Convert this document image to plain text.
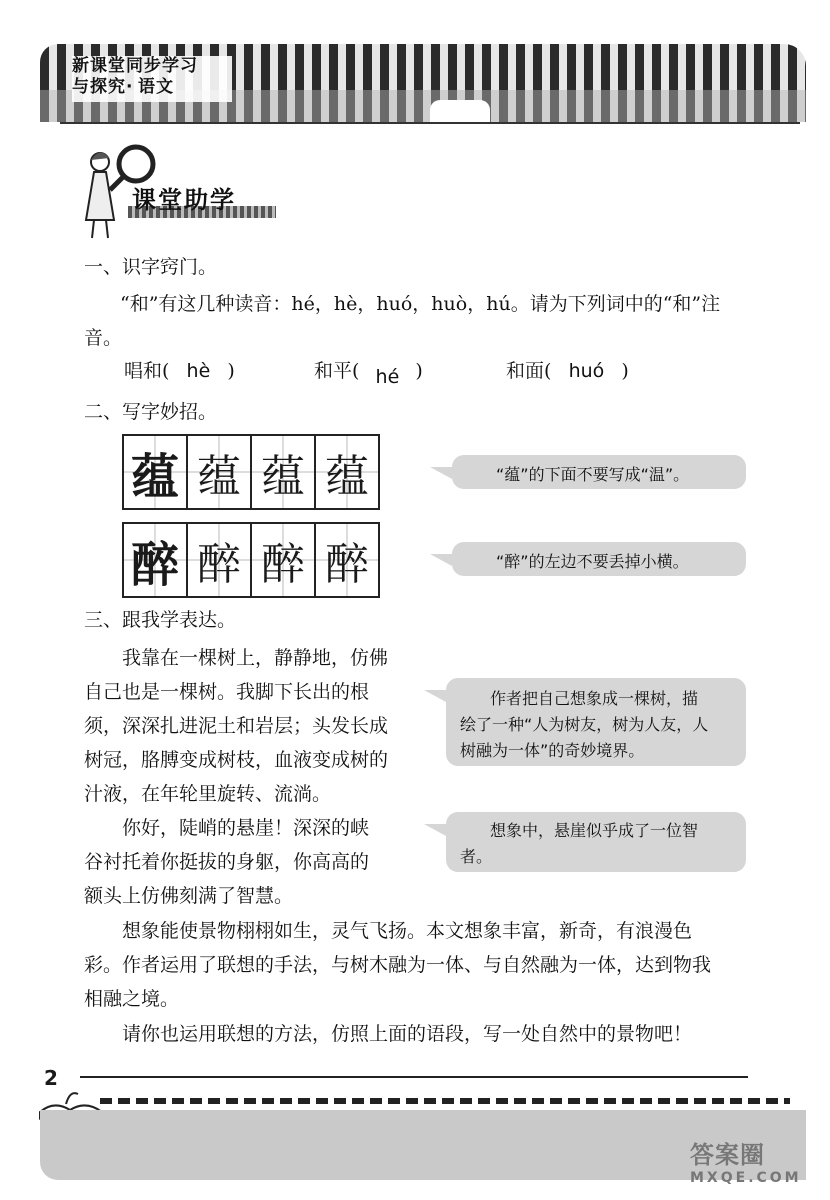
新课堂同步学习
与探究· 语文
课堂助学
一、识字窍门。
“和”有这几种读音：hé，hè，huó，huò，hú。请为下列词中的“和”注
音。
唱和( hè )	和平( hé )	和面( huó )
二、写字妙招。
蕴 蕴 蕴 蕴	“蕴”的下面不要写成“温”。
醉 醉 醉 醉	“醉”的左边不要丢掉小横。
三、跟我学表达。
我靠在一棵树上，静静地，仿佛
自己也是一棵树。我脚下长出的根
须，深深扎进泥土和岩层；头发长成
树冠，胳膊变成树枝，血液变成树的
汁液，在年轮里旋转、流淌。
作者把自己想象成一棵树，描
绘了一种“人为树友，树为人友，人
树融为一体”的奇妙境界。
你好，陡峭的悬崖！深深的峡
谷衬托着你挺拔的身躯，你高高的
额头上仿佛刻满了智慧。
想象中，悬崖似乎成了一位智
者。
想象能使景物栩栩如生，灵气飞扬。本文想象丰富，新奇，有浪漫色
彩。作者运用了联想的手法，与树木融为一体、与自然融为一体，达到物我
相融之境。
请你也运用联想的方法，仿照上面的语段，写一处自然中的景物吧！
2
答案圈
MXQE.COM
